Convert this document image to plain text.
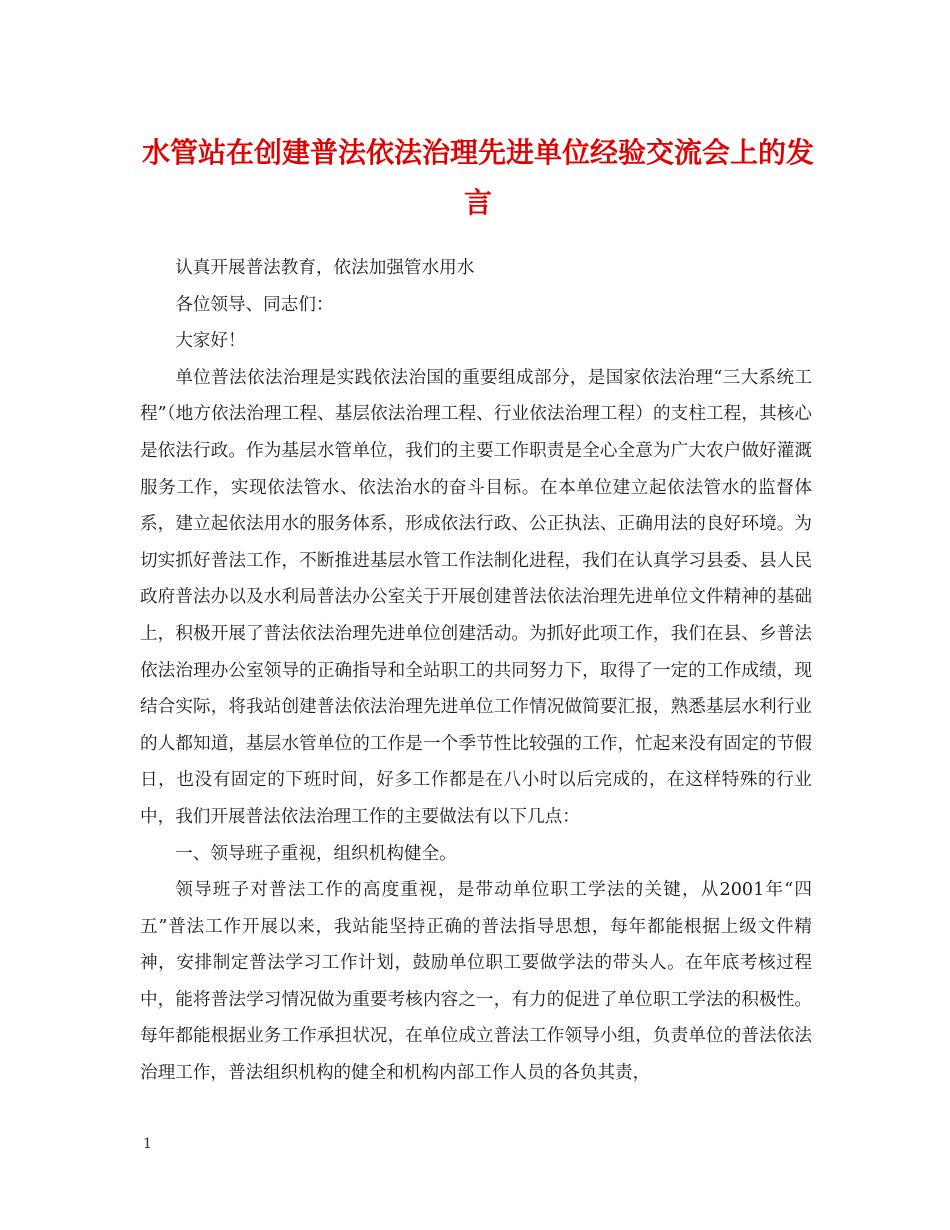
水管站在创建普法依法治理先进单位经验交流会上的发言

认真开展普法教育，依法加强管水用水

各位领导、同志们：

大家好！

单位普法依法治理是实践依法治国的重要组成部分，是国家依法治理“三大系统工程”（地方依法治理工程、基层依法治理工程、行业依法治理工程）的支柱工程，其核心是依法行政。作为基层水管单位，我们的主要工作职责是全心全意为广大农户做好灌溉服务工作，实现依法管水、依法治水的奋斗目标。在本单位建立起依法管水的监督体系，建立起依法用水的服务体系，形成依法行政、公正执法、正确用法的良好环境。为切实抓好普法工作，不断推进基层水管工作法制化进程，我们在认真学习县委、县人民政府普法办以及水利局普法办公室关于开展创建普法依法治理先进单位文件精神的基础上，积极开展了普法依法治理先进单位创建活动。为抓好此项工作，我们在县、乡普法依法治理办公室领导的正确指导和全站职工的共同努力下，取得了一定的工作成绩，现结合实际，将我站创建普法依法治理先进单位工作情况做简要汇报，熟悉基层水利行业的人都知道，基层水管单位的工作是一个季节性比较强的工作，忙起来没有固定的节假日，也没有固定的下班时间，好多工作都是在八小时以后完成的，在这样特殊的行业中，我们开展普法依法治理工作的主要做法有以下几点：

一、领导班子重视，组织机构健全。

领导班子对普法工作的高度重视，是带动单位职工学法的关键，从2001年“四五”普法工作开展以来，我站能坚持正确的普法指导思想，每年都能根据上级文件精神，安排制定普法学习工作计划，鼓励单位职工要做学法的带头人。在年底考核过程中，能将普法学习情况做为重要考核内容之一，有力的促进了单位职工学法的积极性。每年都能根据业务工作承担状况，在单位成立普法工作领导小组，负责单位的普法依法治理工作，普法组织机构的健全和机构内部工作人员的各负其责，

1
